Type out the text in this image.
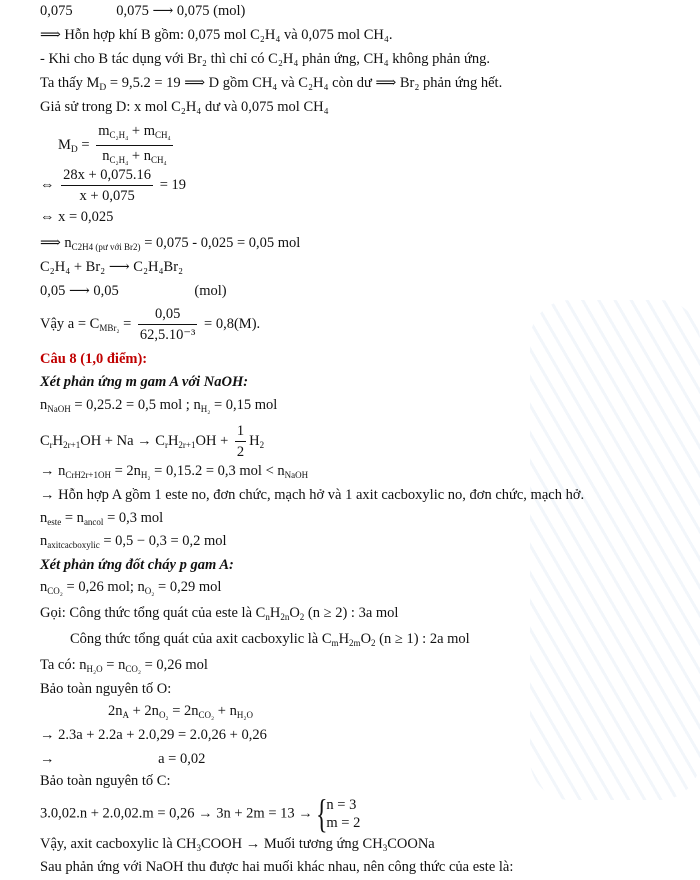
0,075	0,075 ⟶ 0,075 (mol)
⟹ Hỗn hợp khí B gồm: 0,075 mol C₂H₄ và 0,075 mol CH₄.
- Khi cho B tác dụng với Br₂ thì chỉ có C₂H₄ phản ứng, CH₄ không phản ứng.
Ta thấy $M_D = 9,5.2 = 19$ ⟹ D gồm CH₄ và C₂H₄ còn dư ⟹ Br₂ phản ứng hết.
Giả sử trong D: x mol C₂H₄ dư và 0,075 mol CH₄
$M_D = \frac{m_{C_2H_4} + m_{CH_4}}{n_{C_2H_4} + n_{CH_4}}$
⇔ $\frac{28x + 0,075.16}{x + 0,075} = 19$
⇔ x = 0,025
⟹ $n_{C2H4 (pư với Br2)} = 0,075 - 0,025 = 0,05$ mol
C₂H₄ + Br₂ ⟶ C₂H₄Br₂
0,05 ⟶ 0,05	(mol)
Vậy $a = C_{MBr_2} = \frac{0,05}{\text{62,5.10⁻³}} = 0,8(M)$.
Câu 8 (1,0 điểm):
Xét phản ứng m gam A với NaOH:
$n_{NaOH} = 0,25.2 = 0,5$ mol ; $n_{H_2} = 0,15$ mol
$C_rH_{2r+1}OH + Na \to C_rH_{2r+1}OH + \frac{1}{2} H_2$
→ $n_{CrH2r+1OH} = 2n_{H_2} = 0,15.2 = 0,3$ mol < $n_{NaOH}$
→ Hỗn hợp A gồm 1 este no, đơn chức, mạch hở và 1 axit cacboxylic no, đơn chức, mạch hở.
$n_{este} = n_{ancol} = 0,3$ mol
$n_{axitcacboxylic} = 0,5 - 0,3 = 0,2$ mol
Xét phản ứng đốt cháy p gam A:
$n_{CO_2} = 0,26$ mol; $n_{O_2} = 0,29$ mol
Gọi: Công thức tổng quát của este là $C_nH_{2n}O_2$ (n ≥ 2) : 3a mol
Công thức tổng quát của axit cacboxylic là $C_mH_{2m}O_2$ (n ≥ 1) : 2a mol
Ta có: $n_{H_2O} = n_{CO_2} = 0,26$ mol
Bảo toàn nguyên tố O:
$2n_A + 2n_{O_2} = 2n_{CO_2} + n_{H_2O}$
→ 2.3a + 2.2a + 2.0,29 = 2.0,26 + 0,26
→	a = 0,02
Bảo toàn nguyên tố C:
3.0,02.n + 2.0,02.m = 0,26 → 3n + 2m = 13 → {
n = 3
m = 2
Vậy, axit cacboxylic là $CH_3COOH$ → Muối tương ứng $CH_3COONa$
Sau phản ứng với NaOH thu được hai muối khác nhau, nên công thức của este là:
